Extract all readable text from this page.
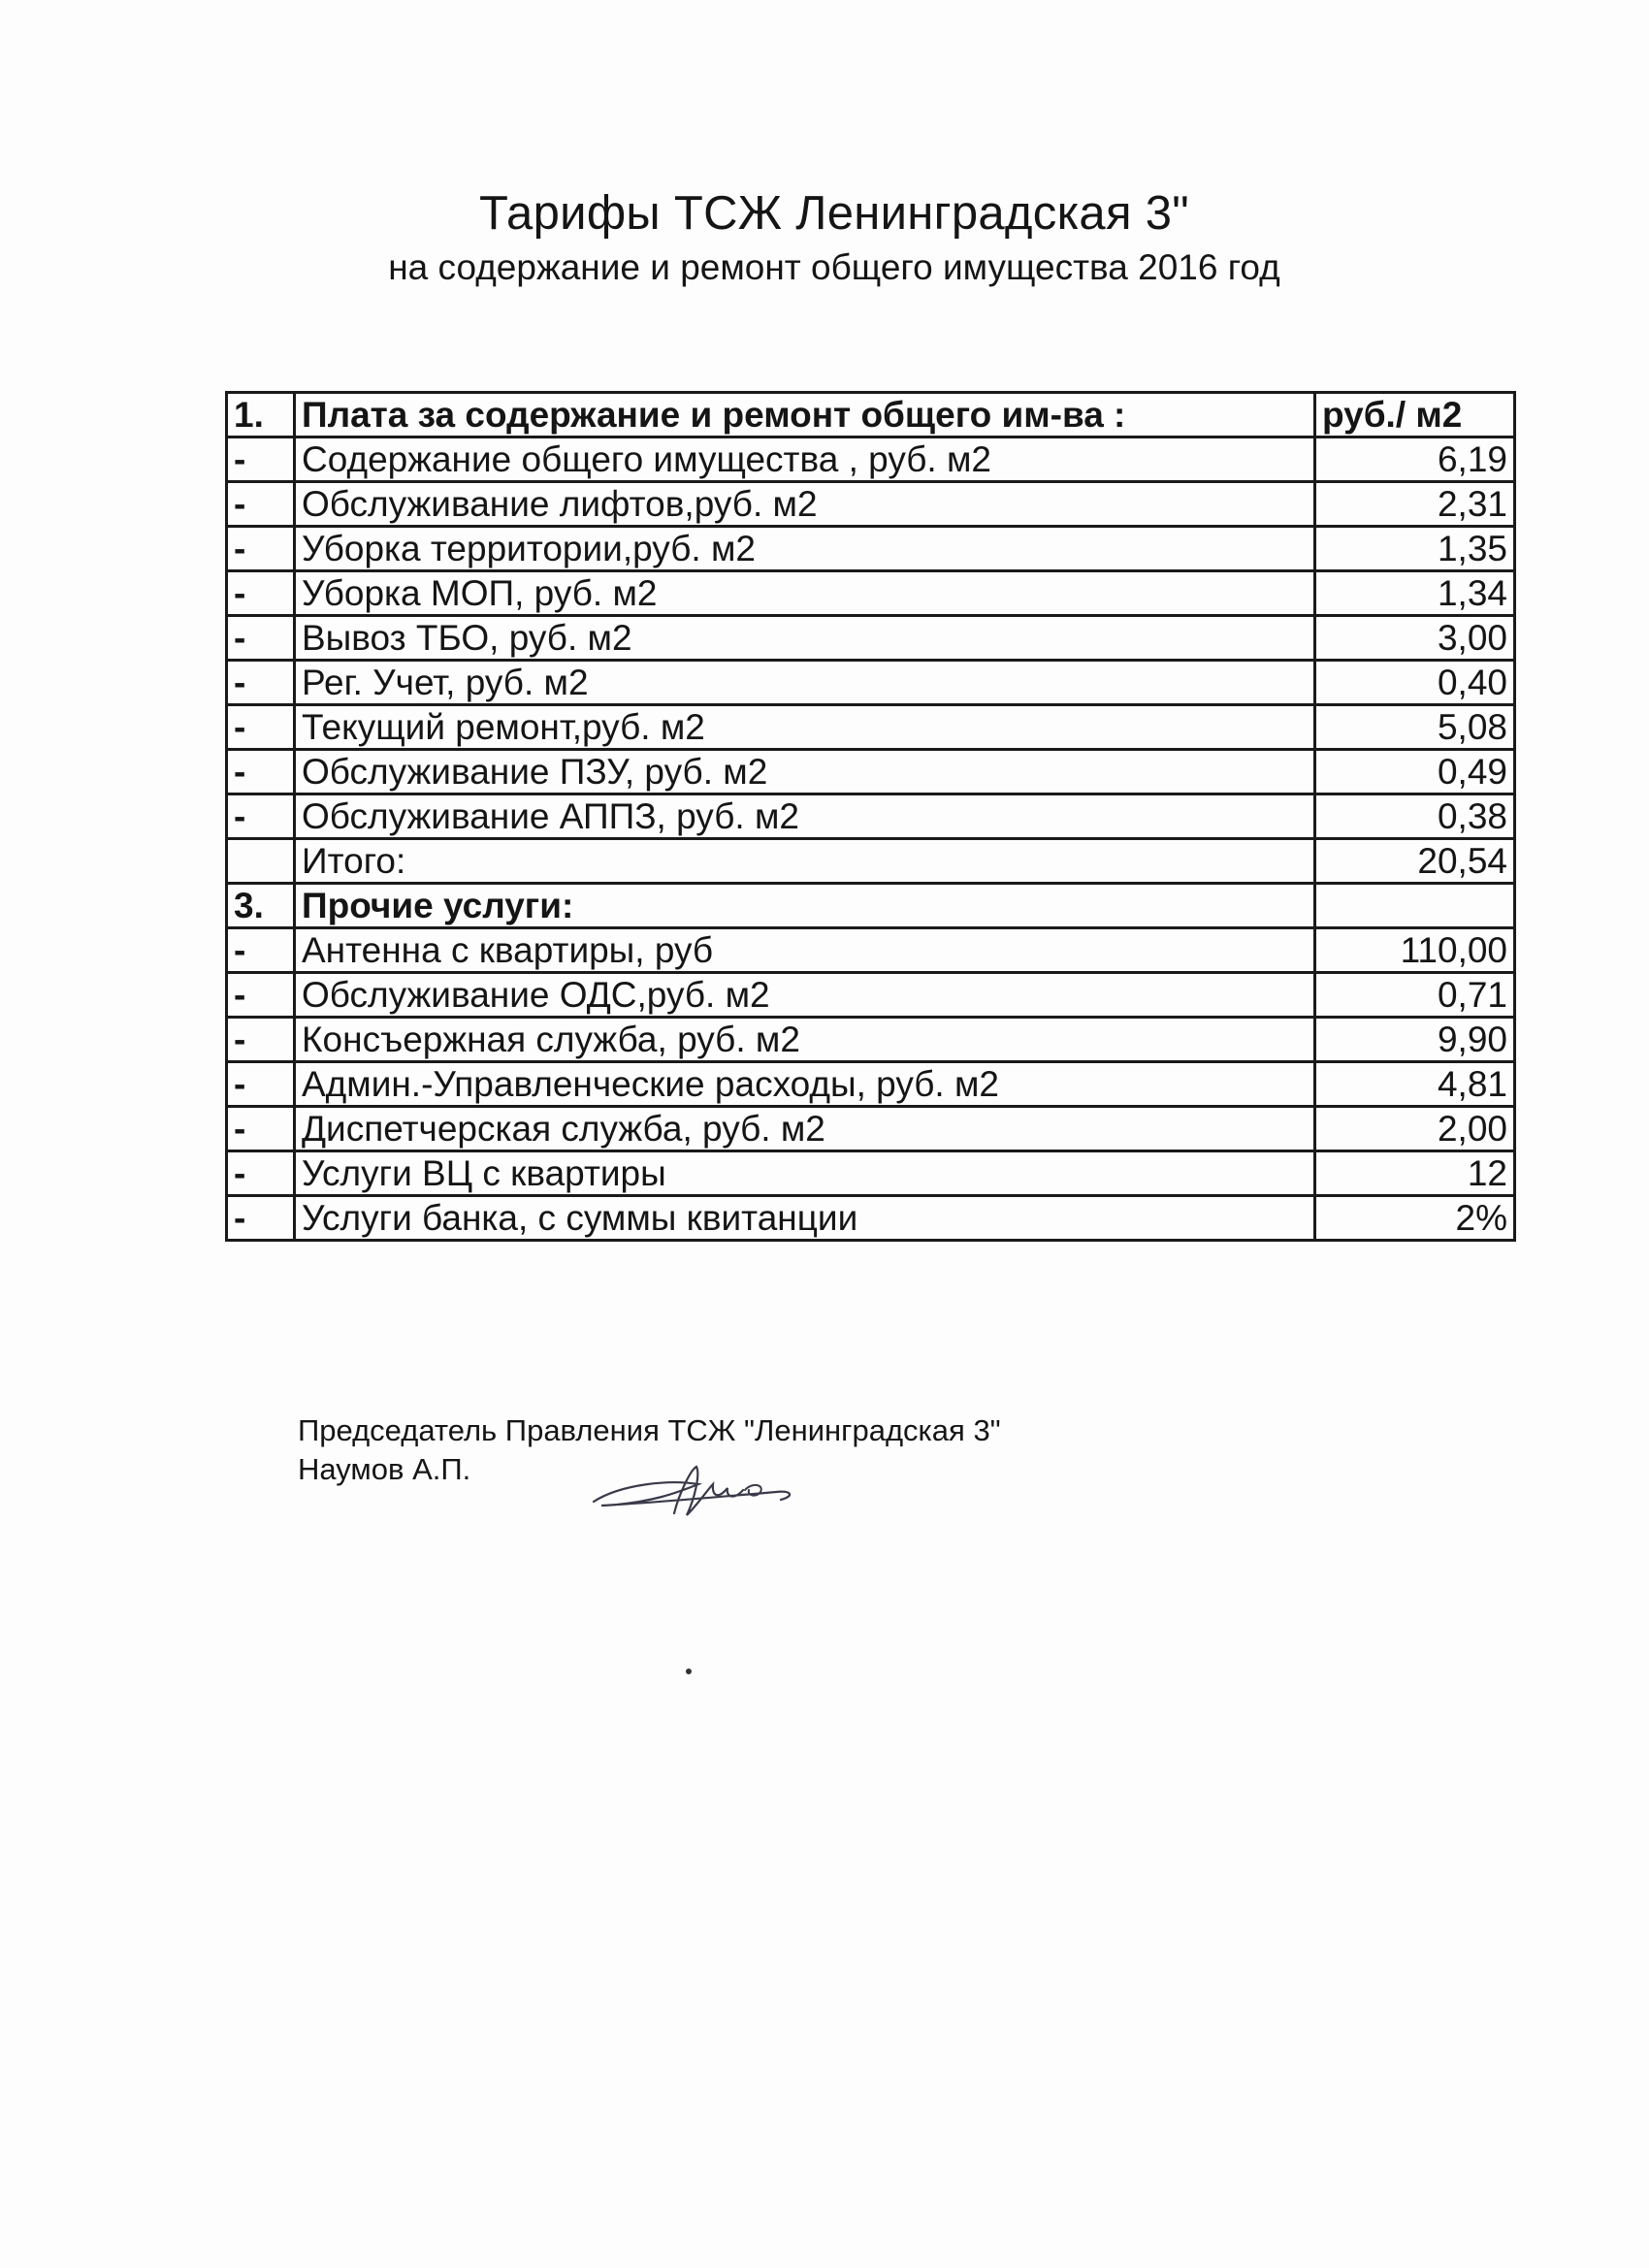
Тарифы ТСЖ Ленинградская 3"
на содержание и ремонт общего имущества 2016 год
1.	Плата за содержание и ремонт общего им-ва :	руб./ м2
-	Содержание общего имущества , руб. м2	6,19
-	Обслуживание лифтов,руб. м2	2,31
-	Уборка территории,руб. м2	1,35
-	Уборка МОП, руб. м2	1,34
-	Вывоз ТБО, руб. м2	3,00
-	Рег. Учет, руб. м2	0,40
-	Текущий ремонт,руб. м2	5,08
-	Обслуживание ПЗУ, руб. м2	0,49
-	Обслуживание АППЗ, руб. м2	0,38
	Итого:	20,54
3.	Прочие услуги:	
-	Антенна с квартиры, руб	110,00
-	Обслуживание ОДС,руб. м2	0,71
-	Консъержная служба, руб. м2	9,90
-	Админ.-Управленческие расходы, руб. м2	4,81
-	Диспетчерская служба, руб. м2	2,00
-	Услуги ВЦ с квартиры	12
-	Услуги банка, с суммы квитанции	2%
Председатель Правления ТСЖ "Ленинградская 3"
Наумов А.П.
